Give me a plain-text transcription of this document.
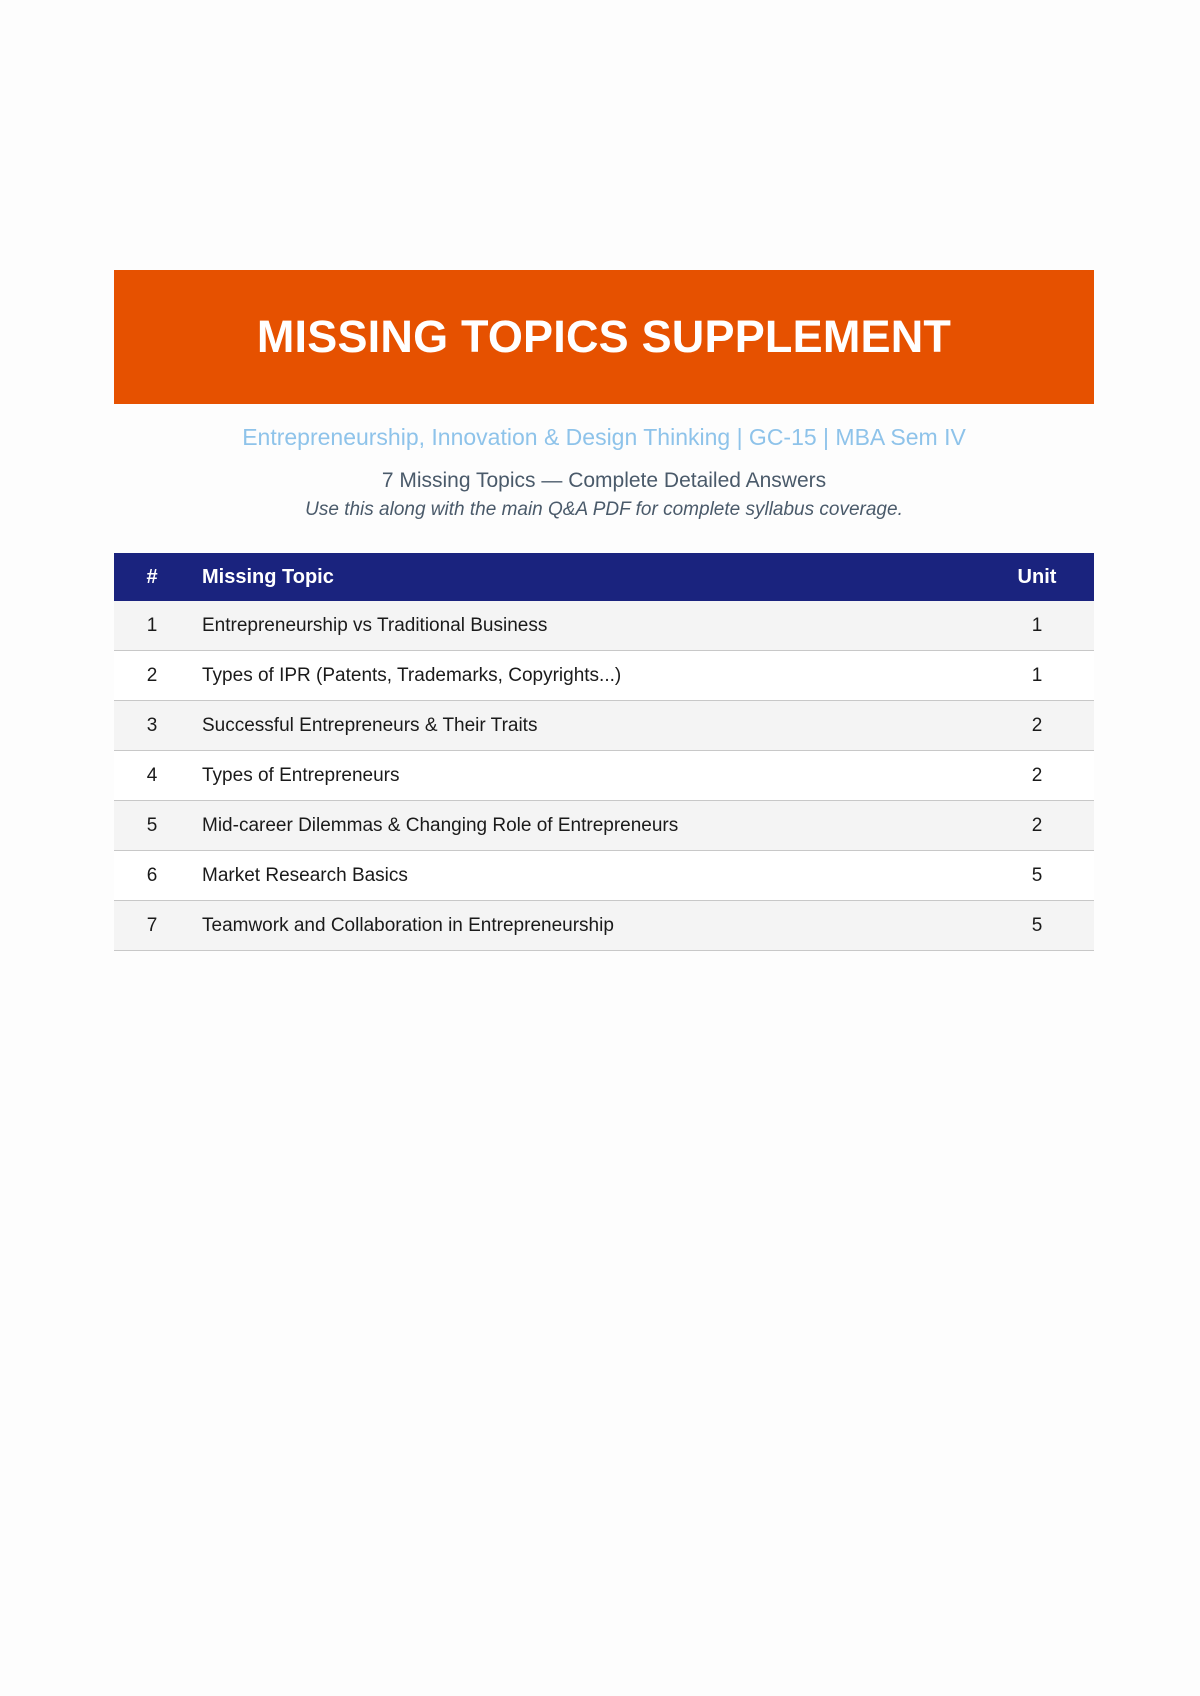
MISSING TOPICS SUPPLEMENT
Entrepreneurship, Innovation & Design Thinking | GC-15 | MBA Sem IV
7 Missing Topics — Complete Detailed Answers
Use this along with the main Q&A PDF for complete syllabus coverage.
#	Missing Topic	Unit
1	Entrepreneurship vs Traditional Business	1
2	Types of IPR (Patents, Trademarks, Copyrights...)	1
3	Successful Entrepreneurs & Their Traits	2
4	Types of Entrepreneurs	2
5	Mid-career Dilemmas & Changing Role of Entrepreneurs	2
6	Market Research Basics	5
7	Teamwork and Collaboration in Entrepreneurship	5
